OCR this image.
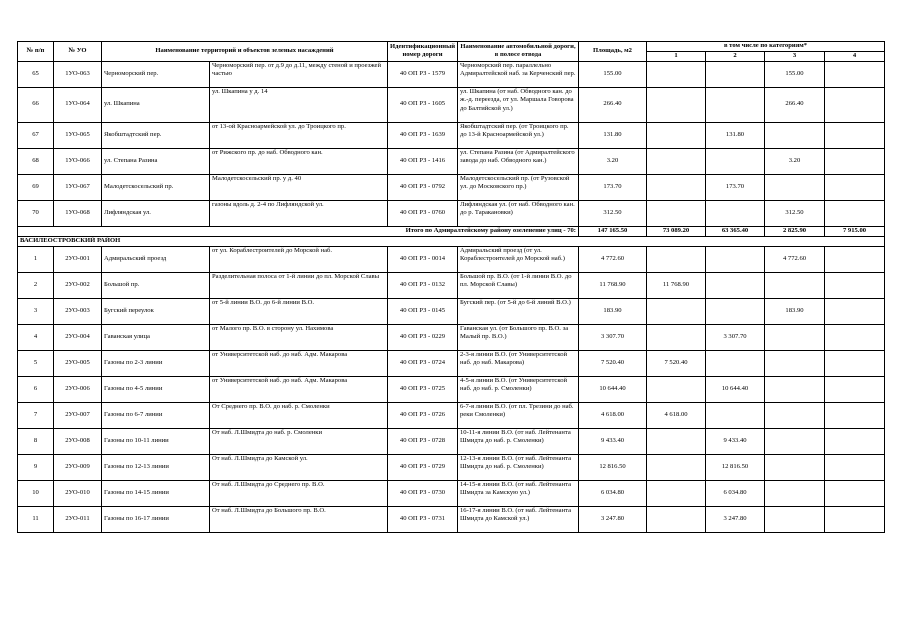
№ п/п	№ УО	Наименование территорий и объектов зеленых насаждений		Идентификационный номер дороги	Наименование автомобильной дороги, в полосе отвода	Площадь, м2	в том числе по категориям*			
							1	2	3	4
65	1УО-063	Черноморский пер.	Черноморский пер. от д.9 до д.11, между стеной и проезжей частью	40 ОП РЗ - 1579	Черноморский пер. параллельно Адмиралтейской наб. за Керченский пер.	155.00			155.00	
66	1УО-064	ул. Шкапина	ул. Шкапина у д. 14	40 ОП РЗ - 1605	ул. Шкапина (от наб. Обводного кан. до ж.-д. переезда, от ул. Маршала Говорова до Балтийской ул.)	266.40			266.40	
67	1УО-065	Якобштадтский пер.	от 13-ой Красноармейской ул. до Троицкого пр.	40 ОП РЗ - 1639	Якобштадтский пер. (от Троицкого пр. до 13-й Красноармейской ул.)	131.80		131.80		
68	1УО-066	ул. Степана Разина	от Рижского пр. до наб. Обводного кан.	40 ОП РЗ - 1416	ул. Степана Разина (от Адмиралтейского завода до наб. Обводного кан.)	3.20			3.20	
69	1УО-067	Малодетскосельский пр.	Малодетскосельский пр. у д. 40	40 ОП РЗ - 0792	Малодетскосельский пр. (от Рузовской ул. до Московского пр.)	173.70		173.70		
70	1УО-068	Лифляндская ул.	газоны вдоль д. 2-4 по Лифляндской ул.	40 ОП РЗ - 0760	Лифляндская ул. (от наб. Обводного кан. до р. Таракановки)	312.50			312.50	
Итого по Адмиралтейскому району озеленение улиц - 70:						147 165.50	73 089.20	63 365.40	2 825.90	7 915.00
ВАСИЛЕОСТРОВСКИЙ РАЙОН										
1	2УО-001	Адмиральский проезд	от ул. Кораблестроителей до Морской наб.	40 ОП РЗ - 0014	Адмиральский проезд (от ул. Кораблестроителей до Морской наб.)	4 772.60			4 772.60	
2	2УО-002	Большой пр.	Разделительная полоса от 1-й линии до пл. Морской Славы	40 ОП РЗ - 0132	Большой пр. В.О. (от 1-й линии В.О. до пл. Морской Славы)	11 768.90	11 768.90			
3	2УО-003	Бугский переулок	от 5-й линии В.О. до 6-й линии В.О.	40 ОП РЗ - 0145	Бугский пер. (от 5-й до 6-й линий В.О.)	183.90			183.90	
4	2УО-004	Гаванская улица	от Малого пр. В.О. в сторону ул. Нахимова	40 ОП РЗ - 0229	Гаванская ул. (от Большого пр. В.О. за Малый пр. В.О.)	3 307.70		3 307.70		
5	2УО-005	Газоны по 2-3 линии	от Университетской наб. до наб. Адм. Макарова	40 ОП РЗ - 0724	2-3-я линии В.О. (от Университетской наб. до наб. Макарова)	7 520.40	7 520.40			
6	2УО-006	Газоны по 4-5 линии	от Университетской наб. до наб. Адм. Макарова	40 ОП РЗ - 0725	4-5-я линии В.О. (от Университетской наб. до наб. р. Смоленки)	10 644.40		10 644.40		
7	2УО-007	Газоны по 6-7 линии	От Среднего пр. В.О. до наб. р. Смоленки	40 ОП РЗ - 0726	6-7-я линии В.О. (от пл. Трезини до наб. реки Смоленки)	4 618.00	4 618.00			
8	2УО-008	Газоны по 10-11 линии	От наб. Л.Шмидта до наб. р. Смоленки	40 ОП РЗ - 0728	10-11-я линии В.О. (от наб. Лейтенанта Шмидта до наб. р. Смоленки)	9 433.40		9 433.40		
9	2УО-009	Газоны по 12-13 линии	От наб. Л.Шмидта до Камской ул.	40 ОП РЗ - 0729	12-13-я линии В.О. (от наб. Лейтенанта Шмидта до наб. р. Смоленки)	12 816.50		12 816.50		
10	2УО-010	Газоны по 14-15 линии	От наб. Л.Шмидта до Среднего пр. В.О.	40 ОП РЗ - 0730	14-15-я линии В.О. (от наб. Лейтенанта Шмидта за Камскую ул.)	6 034.80		6 034.80		
11	2УО-011	Газоны по 16-17 линии	От наб. Л.Шмидта до Большого пр. В.О.	40 ОП РЗ - 0731	16-17-я линии В.О. (от наб. Лейтенанта Шмидта до Камской ул.)	3 247.80		3 247.80		
